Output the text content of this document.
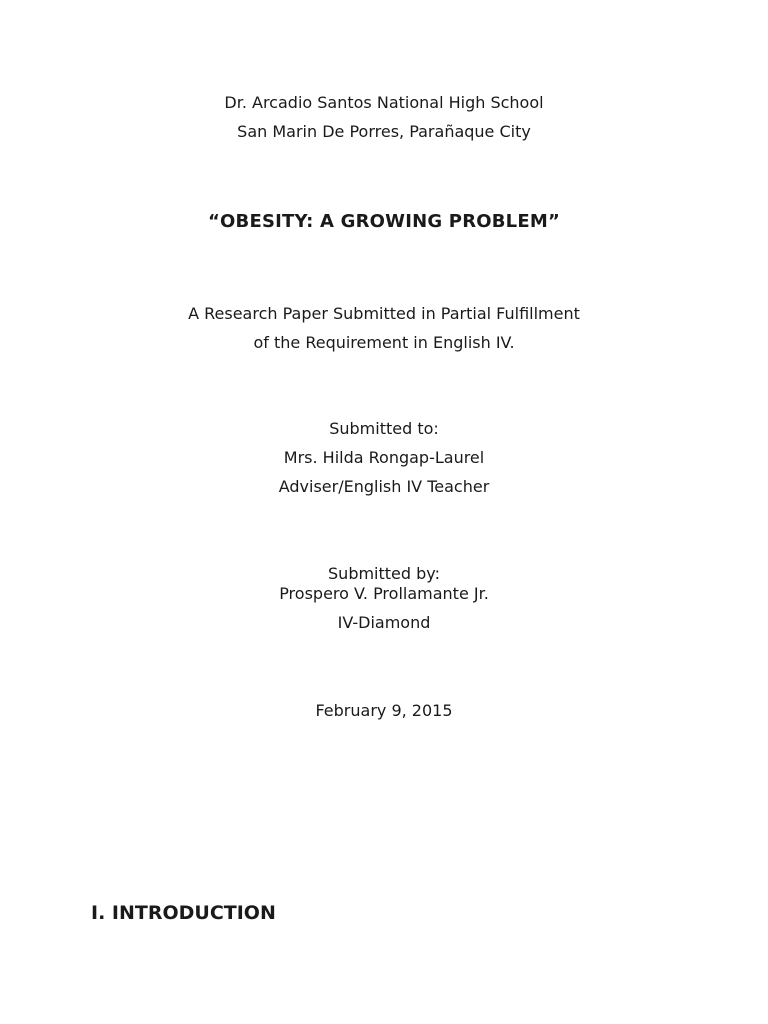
Dr. Arcadio Santos National High School
San Marin De Porres, Parañaque City
“OBESITY: A GROWING PROBLEM”
A Research Paper Submitted in Partial Fulfillment
of the Requirement in English IV.
Submitted to:
Mrs. Hilda Rongap-Laurel
Adviser/English IV Teacher
Submitted by:
Prospero V. Prollamante Jr.
IV-Diamond
February 9, 2015
I. INTRODUCTION
